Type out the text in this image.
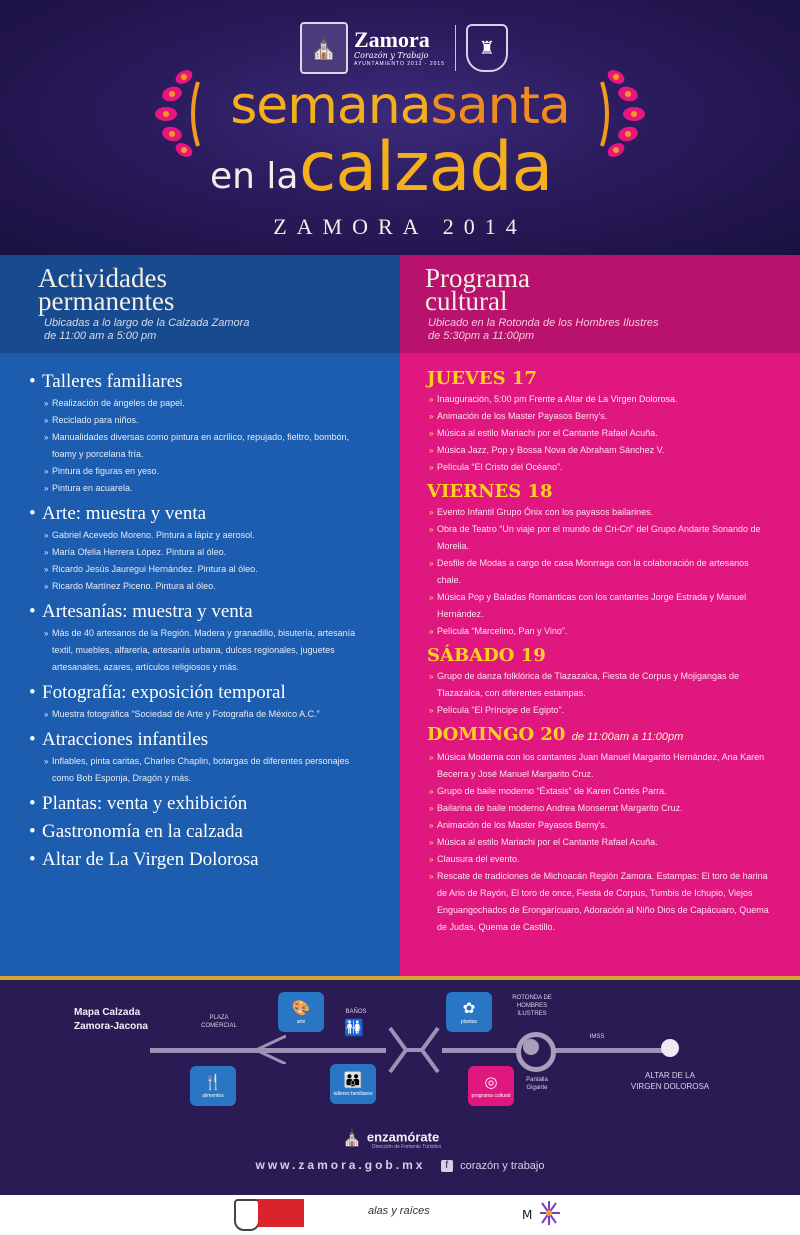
⛪ Zamora
Corazón y Trabajo
AYUNTAMIENTO 2012 - 2015
♜
semanasanta
en la calzada
ZAMORA 2014
Actividades
permanentes
Ubicadas a lo largo de la Calzada Zamora
de 11:00 am a 5:00 pm
• Talleres familiares
» Realización de ángeles de papel.
» Reciclado para niños.
» Manualidades diversas como pintura en acrílico, repujado, fieltro, bombón, foamy y porcelana fría.
» Pintura de figuras en yeso.
» Pintura en acuarela.
• Arte: muestra y venta
» Gabriel Acevedo Moreno. Pintura a lápiz y aerosol.
» María Ofelia Herrera López. Pintura al óleo.
» Ricardo Jesús Jauregui Hernández. Pintura al óleo.
» Ricardo Martínez Piceno. Pintura al óleo.
• Artesanías: muestra y venta
» Más de 40 artesanos de la Región. Madera y granadillo, bisutería, artesanía textil, muebles, alfarería, artesanía urbana, dulces regionales, juguetes artesanales, azares, artículos religiosos y más.
• Fotografía: exposición temporal
» Muestra fotográfica “Sociedad de Arte y Fotografía de México A.C.”
• Atracciones infantiles
» Inflables, pinta caritas, Charles Chaplin, botargas de diferentes personajes como Bob Esponja, Dragón y más.
• Plantas: venta y exhibición
• Gastronomía en la calzada
• Altar de La Virgen Dolorosa
Programa
cultural
Ubicado en la Rotonda de los Hombres Ilustres
de 5:30pm a 11:00pm
JUEVES 17
» Inauguración, 5:00 pm Frente a Altar de La Virgen Dolorosa.
» Animación de los Master Payasos Berny's.
» Música al estilo Mariachi por el Cantante Rafael Acuña.
» Música Jazz, Pop y Bossa Nova de Abraham Sánchez V.
» Película “El Cristo del Océano”.
VIERNES 18
» Evento Infantil Grupo Ónix con los payasos bailarines.
» Obra de Teatro “Un viaje por el mundo de Cri-Cri” del Grupo Andarte Sonando de Morelia.
» Desfile de Modas a cargo de casa Monrraga con la colaboración de artesanos chale.
» Música Pop y Baladas Románticas con los cantantes Jorge Estrada y Manuel Hernández.
» Película “Marcelino, Pan y Vino”.
SÁBADO 19
» Grupo de danza folklórica de Tlazazalca, Fiesta de Corpus y Mojigangas de Tlazazalca, con diferentes estampas.
» Película “El Príncipe de Egipto”.
DOMINGO 20 de 11:00am a 11:00pm
» Música Moderna con los cantantes Juan Manuel Margarito Hernández, Ana Karen Becerra y José Manuel Margarito Cruz.
» Grupo de baile moderno “Éxtasis” de Karen Cortés Parra.
» Bailarina de baile moderno Andrea Monserrat Margarito Cruz.
» Animación de los Master Payasos Berny's.
» Música al estilo Mariachi por el Cantante Rafael Acuña.
» Clausura del evento.
» Rescate de tradiciones de Michoacán Región Zamora. Estampas: El toro de harina de Ario de Rayón, El toro de once, Fiesta de Corpus, Tumbis de Ichupio, Viejos Enguangochados de Erongarícuaro, Adoración al Niño Dios de Capácuaro, Quema de Judas, Quema de Castillo.
Mapa Calzada
Zamora-Jacona
PLAZA COMERCIAL
BAÑOS
🚻
ROTONDA DE HOMBRES ILUSTRES
IMSS
Pantalla Gigante
ALTAR DE LA VIRGEN DOLOROSA
🎨
arte
✿
plantas
🍴
alimentos
👪
talleres familiares
◎
programa cultural
⛪ enzamórate
Dirección de Fomento Turístico
www.zamora.gob.mx f corazón y trabajo
alas y raíces	M
